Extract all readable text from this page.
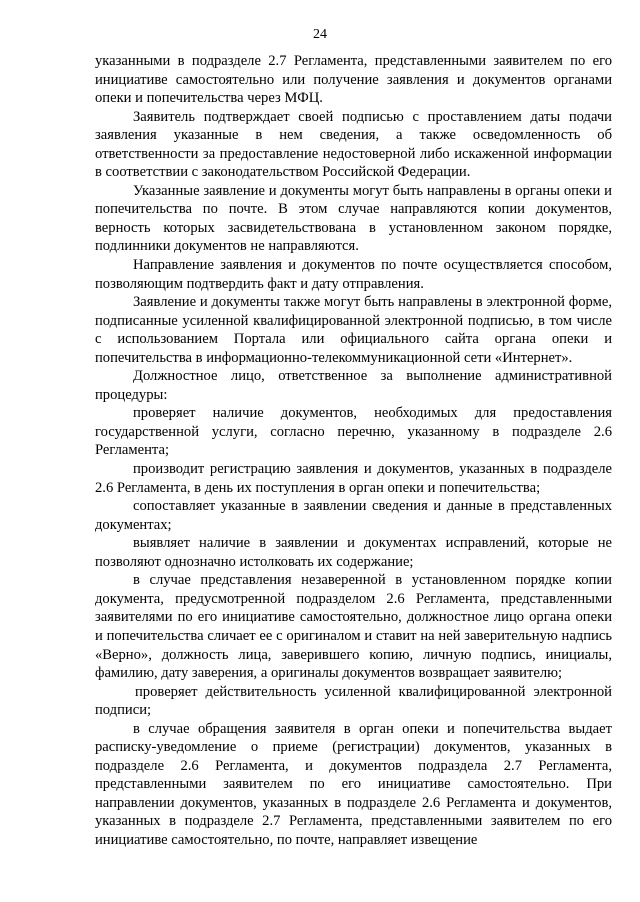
24

указанными в подразделе 2.7 Регламента, представленными заявителем по его инициативе самостоятельно или получение заявления и документов органами опеки и попечительства через МФЦ.

Заявитель подтверждает своей подписью с проставлением даты подачи заявления указанные в нем сведения, а также осведомленность об ответственности за предоставление недостоверной либо искаженной информации в соответствии с законодательством Российской Федерации.

Указанные заявление и документы могут быть направлены в органы опеки и попечительства по почте. В этом случае направляются копии документов, верность которых засвидетельствована в установленном законом порядке, подлинники документов не направляются.

Направление заявления и документов по почте осуществляется способом, позволяющим подтвердить факт и дату отправления.

Заявление и документы также могут быть направлены в электронной форме, подписанные усиленной квалифицированной электронной подписью, в том числе с использованием Портала или официального сайта органа опеки и попечительства в информационно-телекоммуникационной сети «Интернет».

Должностное лицо, ответственное за выполнение административной процедуры:

проверяет наличие документов, необходимых для предоставления государственной услуги, согласно перечню, указанному в подразделе 2.6 Регламента;

производит регистрацию заявления и документов, указанных в подразделе 2.6 Регламента, в день их поступления в орган опеки и попечительства;

сопоставляет указанные в заявлении сведения и данные в представленных документах;

выявляет наличие в заявлении и документах исправлений, которые не позволяют однозначно истолковать их содержание;

в случае представления незаверенной в установленном порядке копии документа, предусмотренной подразделом 2.6 Регламента, представленными заявителями по его инициативе самостоятельно, должностное лицо органа опеки и попечительства сличает ее с оригиналом и ставит на ней заверительную надпись «Верно», должность лица, заверившего копию, личную подпись, инициалы, фамилию, дату заверения, а оригиналы документов возвращает заявителю;

проверяет действительность усиленной квалифицированной электронной подписи;

в случае обращения заявителя в орган опеки и попечительства выдает расписку-уведомление о приеме (регистрации) документов, указанных в подразделе 2.6 Регламента, и документов подраздела 2.7 Регламента, представленными заявителем по его инициативе самостоятельно. При направлении документов, указанных в подразделе 2.6 Регламента и документов, указанных в подразделе 2.7 Регламента, представленными заявителем по его инициативе самостоятельно, по почте, направляет извещение
